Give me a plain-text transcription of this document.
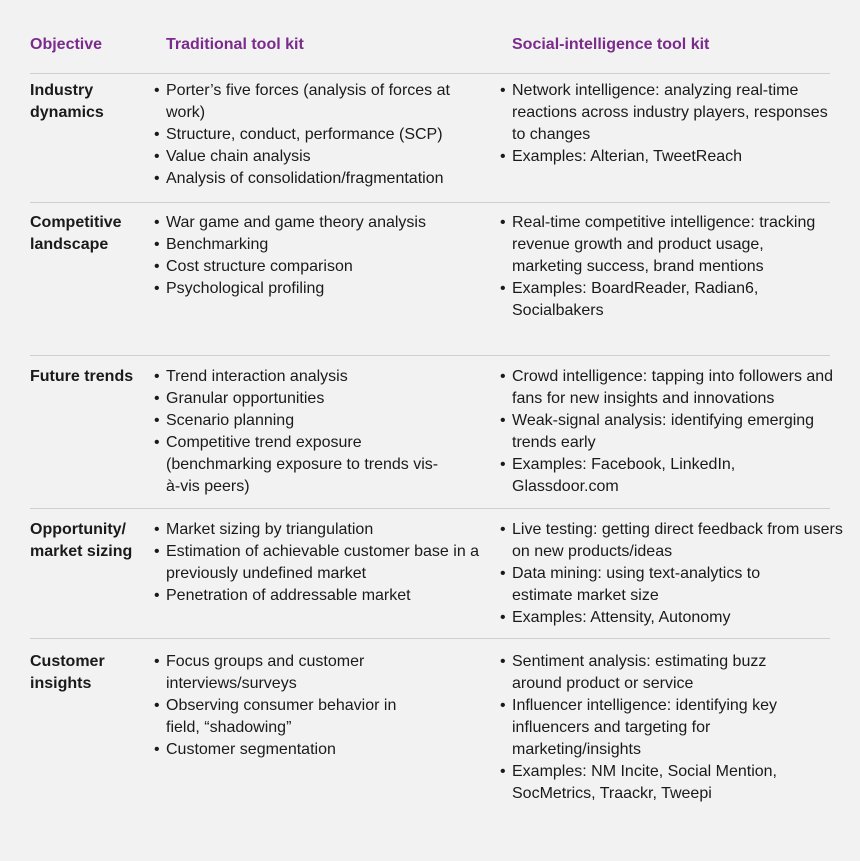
Objective	Traditional tool kit	Social-intelligence tool kit
Industry dynamics
• Porter’s five forces (analysis of forces at work)
• Structure, conduct, performance (SCP)
• Value chain analysis
• Analysis of consolidation/fragmentation
• Network intelligence: analyzing real-time reactions across industry players, responses to changes
• Examples: Alterian, TweetReach
Competitive landscape
• War game and game theory analysis
• Benchmarking
• Cost structure comparison
• Psychological profiling
• Real-time competitive intelligence: tracking revenue growth and product usage, marketing success, brand mentions
• Examples: BoardReader, Radian6, Socialbakers
Future trends
•	Trend interaction analysis
• Granular opportunities
• Scenario planning
• Competitive trend exposure (benchmarking exposure to trends vis-à-vis peers)
• Crowd intelligence: tapping into followers and fans for new insights and innovations
• Weak-signal analysis: identifying emerging trends early
• Examples: Facebook, LinkedIn, Glassdoor.com
Opportunity/ market sizing
• Market sizing by triangulation
• Estimation of achievable customer base in a previously undefined market
• Penetration of addressable market
• Live testing: getting direct feedback from users on new products/ideas
• Data mining: using text-analytics to estimate market size
• Examples: Attensity, Autonomy
Customer insights
• Focus groups and customer interviews/surveys
• Observing consumer behavior in field, “shadowing”
• Customer segmentation
• Sentiment analysis: estimating buzz around product or service
• Influencer intelligence: identifying key influencers and targeting for marketing/insights
• Examples: NM Incite, Social Mention, SocMetrics, Traackr, Tweepi
